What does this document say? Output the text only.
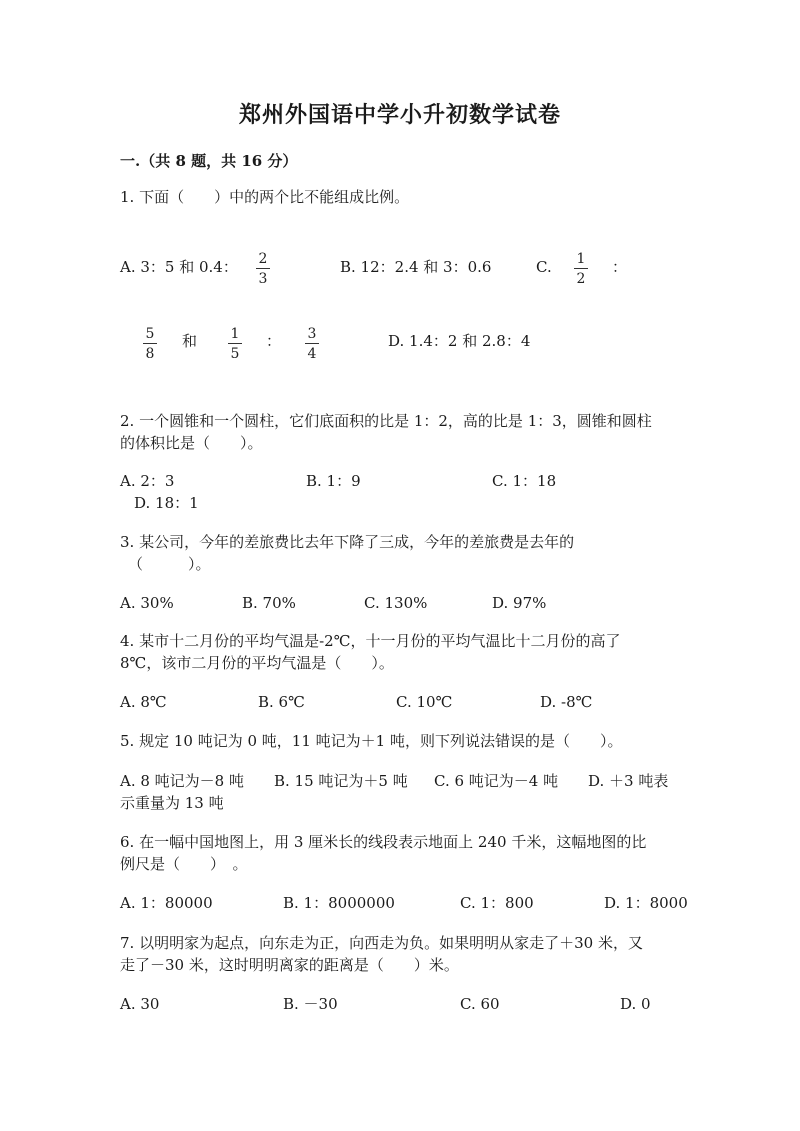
郑州外国语中学小升初数学试卷
一.（共 8 题，共 16 分）
1. 下面（　　）中的两个比不能组成比例。
A. 3：5 和 0.4： 2
3
B. 12：2.4 和 3：0.6	C. 1
2
：
5
8
和 1
5
： 3
4
D. 1.4：2 和 2.8：4
2. 一个圆锥和一个圆柱，它们底面积的比是 1：2，高的比是 1：3，圆锥和圆柱
的体积比是（　　）。
A. 2：3	B. 1：9	C. 1：18
D. 18：1
3. 某公司，今年的差旅费比去年下降了三成，今年的差旅费是去年的
（　　　）。
A. 30%	B. 70%	C. 130%	D. 97%
4. 某市十二月份的平均气温是-2℃，十一月份的平均气温比十二月份的高了
8℃，该市二月份的平均气温是（　　）。
A. 8℃	B. 6℃	C. 10℃	D. -8℃
5. 规定 10 吨记为 0 吨，11 吨记为＋1 吨，则下列说法错误的是（　　）。
A. 8 吨记为－8 吨 B. 15 吨记为＋5 吨 C. 6 吨记为－4 吨 D. ＋3 吨表
示重量为 13 吨
6. 在一幅中国地图上，用 3 厘米长的线段表示地面上 240 千米，这幅地图的比
例尺是（　　）　。
A. 1：80000	B. 1：8000000	C. 1：800	D. 1：8000
7. 以明明家为起点，向东走为正，向西走为负。如果明明从家走了＋30 米，又
走了－30 米，这时明明离家的距离是（　　）米。
A. 30	B. －30	C. 60	D. 0
